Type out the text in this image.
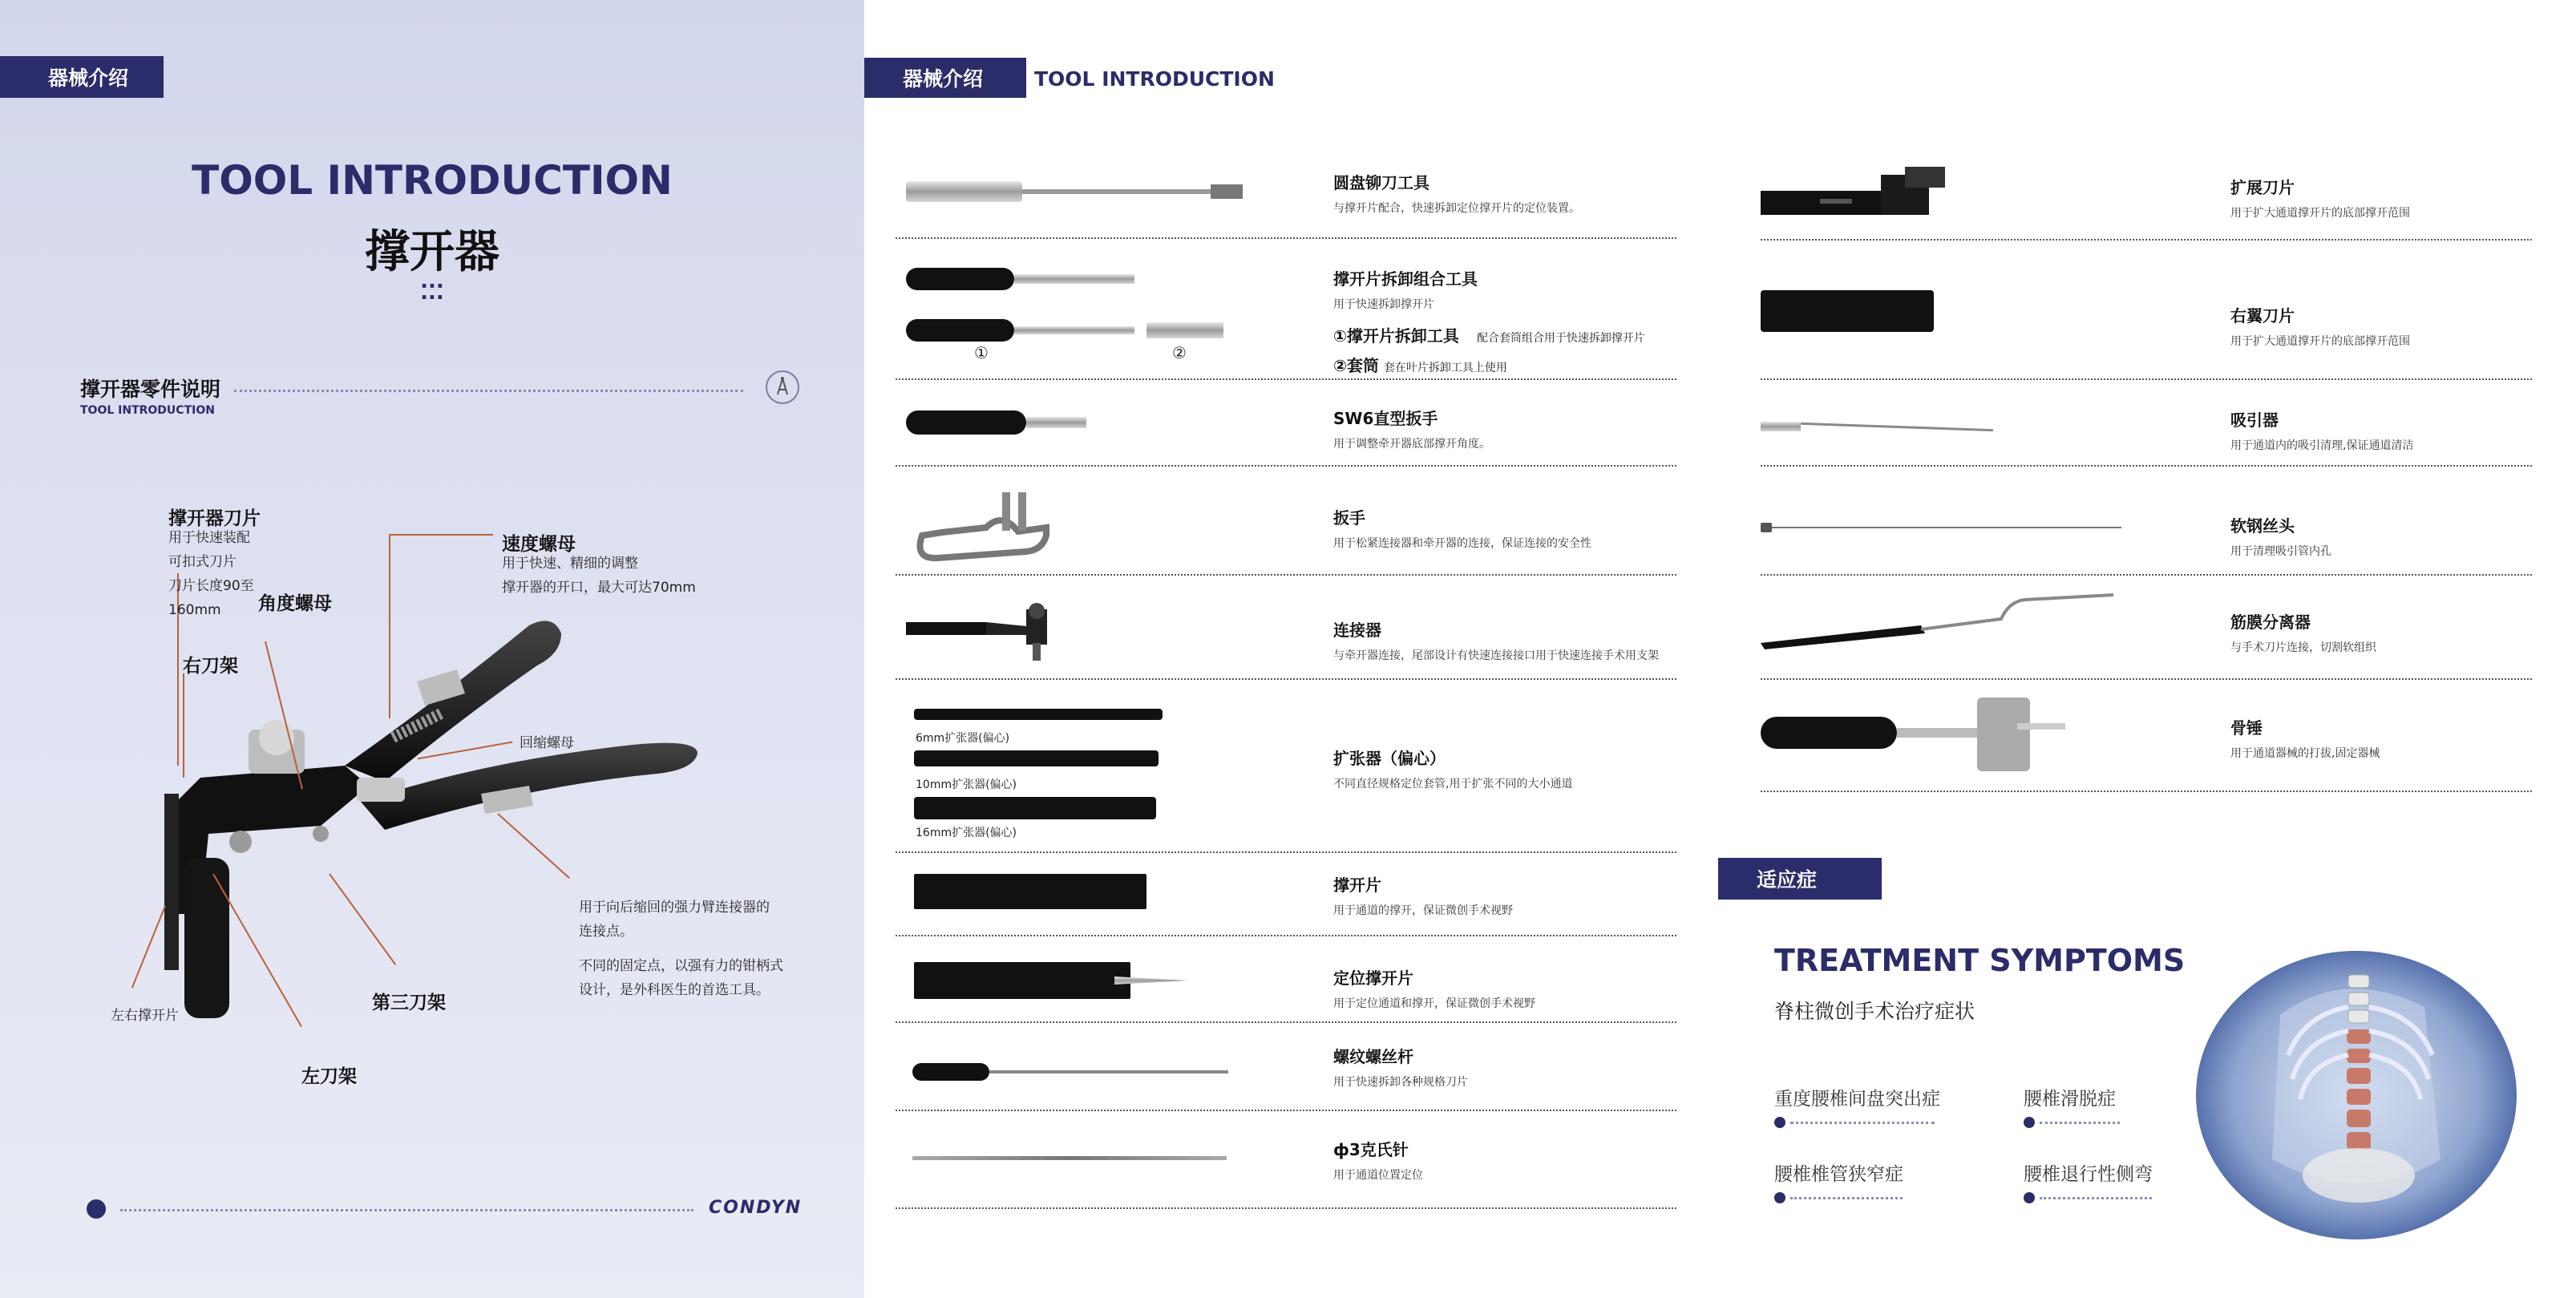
器械介绍
TOOL INTRODUCTION
撑开器
⁚⁚⁚
撑开器零件说明
TOOL INTRODUCTION
撑开器刀片
用于快速装配
可扣式刀片
刀片长度90至
160mm
速度螺母
用于快速、精细的调整
撑开器的开口，最大可达70mm
角度螺母
右刀架
回缩螺母
用于向后缩回的强力臂连接器的
连接点。
不同的固定点，以强有力的钳柄式
设计，是外科医生的首选工具。
第三刀架
左右撑开片
左刀架
CONDYN
器械介绍	TOOL INTRODUCTION
①	②
6mm扩张器(偏心)
10mm扩张器(偏心)
16mm扩张器(偏心)
圆盘铆刀工具
与撑开片配合，快速拆卸定位撑开片的定位装置。
撑开片拆卸组合工具
用于快速拆卸撑开片
①撑开片拆卸工具 配合套筒组合用于快速拆卸撑开片
②套筒 套在叶片拆卸工具上使用
SW6直型扳手
用于调整牵开器底部撑开角度。
扳手
用于松紧连接器和牵开器的连接，保证连接的安全性
连接器
与牵开器连接，尾部设计有快速连接接口用于快速连接手术用支架
扩张器（偏心）
不同直径规格定位套管,用于扩张不同的大小通道
撑开片
用于通道的撑开，保证微创手术视野
定位撑开片
用于定位通道和撑开，保证微创手术视野
螺纹螺丝杆
用于快速拆卸各种规格刀片
ф3克氏针
用于通道位置定位
扩展刀片
用于扩大通道撑开片的底部撑开范围
右翼刀片
用于扩大通道撑开片的底部撑开范围
吸引器
用于通道内的吸引清理,保证通道清洁
软钢丝头
用于清理吸引管内孔
筋膜分离器
与手术刀片连接，切割软组织
骨锤
用于通道器械的打拔,固定器械
适应症
TREATMENT SYMPTOMS
脊柱微创手术治疗症状
重度腰椎间盘突出症	腰椎滑脱症
腰椎椎管狭窄症	腰椎退行性侧弯
